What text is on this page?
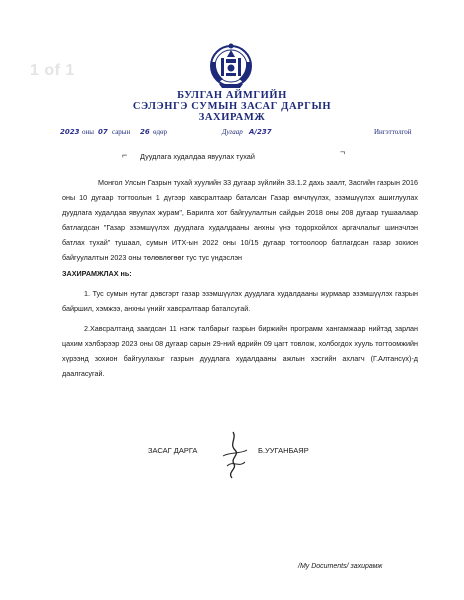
1 of 1
БУЛГАН АЙМГИЙН
СЭЛЭНГЭ СУМЫН ЗАСАГ ДАРГЫН
ЗАХИРАМЖ
2023 оны 07 сарын 26 өдөр	Дугаар А/237	Ингэттолгой
⌐ Дуудлага худалдаа явуулах тухай	¬

Монгол Улсын Газрын тухай хуулийн 33 дугаар зүйлийн 33.1.2 дахь заалт, Засгийн газрын 2016 оны 10 дугаар тогтоолын 1 дүгээр хавсралтаар баталсан Газар өмчлүүлэх, эзэмшүүлэх ашиглуулах дуудлага худалдаа явуулах журам", Барилга хот байгуулалтын сайдын 2018 оны 208 дугаар тушаалаар батлагдсан "Газар эзэмшүүлэх дуудлага худалдааны анхны үнэ тодорхойлох аргачлалыг шинэчлэн батлах тухай" тушаал, сумын ИТХ-ын 2022 оны 10/15 дугаар тогтоолоор батлагдсан газар зохион байгуулалтын 2023 оны төлөвлөгөөг тус тус үндэслэн
ЗАХИРАМЖЛАХ нь:

1. Тус сумын нутаг дэвсгэрт газар эзэмшүүлэх дуудлага худалдааны журмаар эзэмшүүлэх газрын байршил, хэмжээ, анхны үнийг хавсралтаар баталсугай.

2.Хавсралтанд заагдсан 11 нэгж талбарыг газрын биржийн программ хангамжаар нийтэд зарлан цахим хэлбэрээр 2023 оны 08 дугаар сарын 29-ний өдрийн 09 цагт товлож, холбогдох хууль тогтоомжийн хүрээнд зохион байгуулахыг газрын дуудлага худалдааны ажлын хэсгийн ахлагч (Г.Алтансүх)-д даалгасугай.

ЗАСАГ ДАРГА	Б.УУГАНБАЯР
/My Documents/ захирамж
